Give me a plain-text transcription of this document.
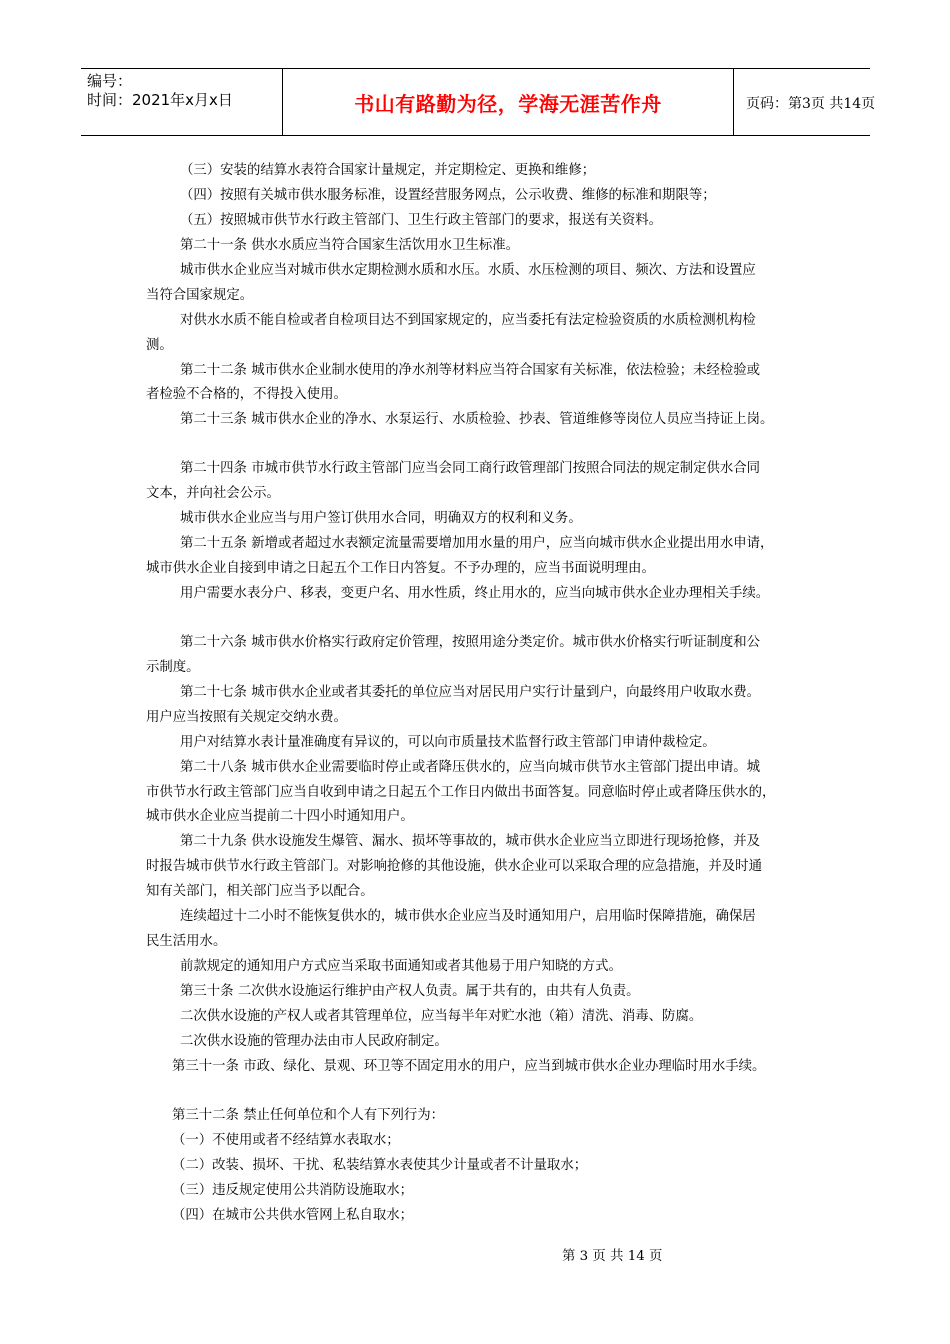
编号：
时间：2021年x月x日	书山有路勤为径，学海无涯苦作舟	页码：第3页 共14页
（三）安装的结算水表符合国家计量规定，并定期检定、更换和维修；
（四）按照有关城市供水服务标准，设置经营服务网点，公示收费、维修的标准和期限等；
（五）按照城市供节水行政主管部门、卫生行政主管部门的要求，报送有关资料。
第二十一条 供水水质应当符合国家生活饮用水卫生标准。
城市供水企业应当对城市供水定期检测水质和水压。水质、水压检测的项目、频次、方法和设置应
当符合国家规定。
对供水水质不能自检或者自检项目达不到国家规定的，应当委托有法定检验资质的水质检测机构检
测。
第二十二条 城市供水企业制水使用的净水剂等材料应当符合国家有关标准，依法检验；未经检验或
者检验不合格的，不得投入使用。
第二十三条 城市供水企业的净水、水泵运行、水质检验、抄表、管道维修等岗位人员应当持证上岗。
第二十四条 市城市供节水行政主管部门应当会同工商行政管理部门按照合同法的规定制定供水合同
文本，并向社会公示。
城市供水企业应当与用户签订供用水合同，明确双方的权利和义务。
第二十五条 新增或者超过水表额定流量需要增加用水量的用户，应当向城市供水企业提出用水申请，
城市供水企业自接到申请之日起五个工作日内答复。不予办理的，应当书面说明理由。
用户需要水表分户、移表，变更户名、用水性质，终止用水的，应当向城市供水企业办理相关手续。
第二十六条 城市供水价格实行政府定价管理，按照用途分类定价。城市供水价格实行听证制度和公
示制度。
第二十七条 城市供水企业或者其委托的单位应当对居民用户实行计量到户，向最终用户收取水费。
用户应当按照有关规定交纳水费。
用户对结算水表计量准确度有异议的，可以向市质量技术监督行政主管部门申请仲裁检定。
第二十八条 城市供水企业需要临时停止或者降压供水的，应当向城市供节水主管部门提出申请。城
市供节水行政主管部门应当自收到申请之日起五个工作日内做出书面答复。同意临时停止或者降压供水的，
城市供水企业应当提前二十四小时通知用户。
第二十九条 供水设施发生爆管、漏水、损坏等事故的，城市供水企业应当立即进行现场抢修，并及
时报告城市供节水行政主管部门。对影响抢修的其他设施，供水企业可以采取合理的应急措施，并及时通
知有关部门，相关部门应当予以配合。
连续超过十二小时不能恢复供水的，城市供水企业应当及时通知用户，启用临时保障措施，确保居
民生活用水。
前款规定的通知用户方式应当采取书面通知或者其他易于用户知晓的方式。
第三十条 二次供水设施运行维护由产权人负责。属于共有的，由共有人负责。
二次供水设施的产权人或者其管理单位，应当每半年对贮水池（箱）清洗、消毒、防腐。
二次供水设施的管理办法由市人民政府制定。
第三十一条 市政、绿化、景观、环卫等不固定用水的用户，应当到城市供水企业办理临时用水手续。
第三十二条 禁止任何单位和个人有下列行为：
（一）不使用或者不经结算水表取水；
（二）改装、损坏、干扰、私装结算水表使其少计量或者不计量取水；
（三）违反规定使用公共消防设施取水；
（四）在城市公共供水管网上私自取水；
第 3 页 共 14 页
